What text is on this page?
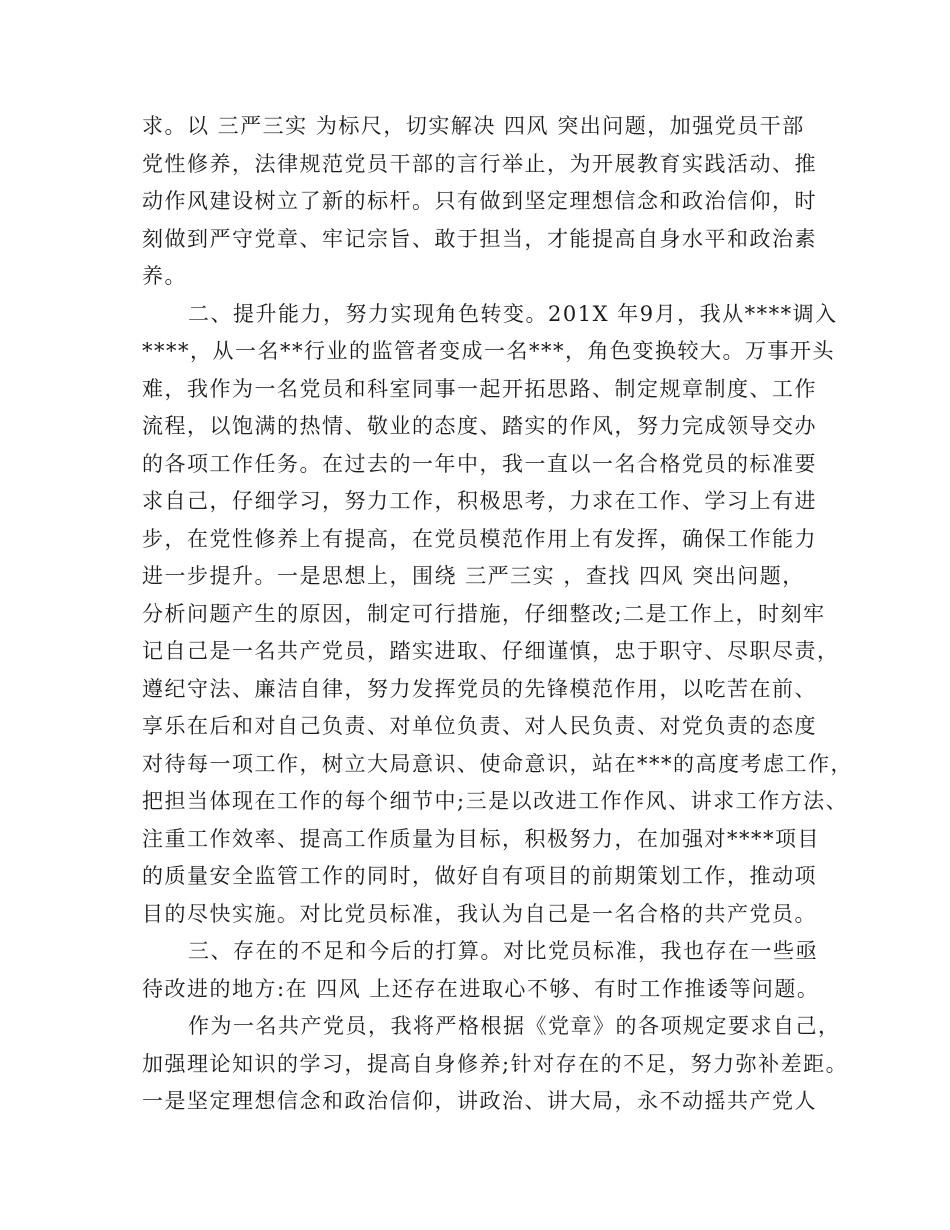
求。以 三严三实 为标尺，切实解决 四风 突出问题，加强党员干部
党性修养，法律规范党员干部的言行举止，为开展教育实践活动、推
动作风建设树立了新的标杆。只有做到坚定理想信念和政治信仰，时
刻做到严守党章、牢记宗旨、敢于担当，才能提高自身水平和政治素
养。
二、提升能力，努力实现角色转变。201X 年9月，我从****调入
****，从一名**行业的监管者变成一名***，角色变换较大。万事开头
难，我作为一名党员和科室同事一起开拓思路、制定规章制度、工作
流程，以饱满的热情、敬业的态度、踏实的作风，努力完成领导交办
的各项工作任务。在过去的一年中，我一直以一名合格党员的标准要
求自己，仔细学习，努力工作，积极思考，力求在工作、学习上有进
步，在党性修养上有提高，在党员模范作用上有发挥，确保工作能力
进一步提升。一是思想上，围绕 三严三实 ，查找 四风 突出问题，
分析问题产生的原因，制定可行措施，仔细整改;二是工作上，时刻牢
记自己是一名共产党员，踏实进取、仔细谨慎，忠于职守、尽职尽责，
遵纪守法、廉洁自律，努力发挥党员的先锋模范作用，以吃苦在前、
享乐在后和对自己负责、对单位负责、对人民负责、对党负责的态度
对待每一项工作，树立大局意识、使命意识，站在***的高度考虑工作，
把担当体现在工作的每个细节中;三是以改进工作作风、讲求工作方法、
注重工作效率、提高工作质量为目标，积极努力，在加强对****项目
的质量安全监管工作的同时，做好自有项目的前期策划工作，推动项
目的尽快实施。对比党员标准，我认为自己是一名合格的共产党员。
三、存在的不足和今后的打算。对比党员标准，我也存在一些亟
待改进的地方:在 四风 上还存在进取心不够、有时工作推诿等问题。
作为一名共产党员，我将严格根据《党章》的各项规定要求自己，
加强理论知识的学习，提高自身修养;针对存在的不足，努力弥补差距。
一是坚定理想信念和政治信仰，讲政治、讲大局，永不动摇共产党人
